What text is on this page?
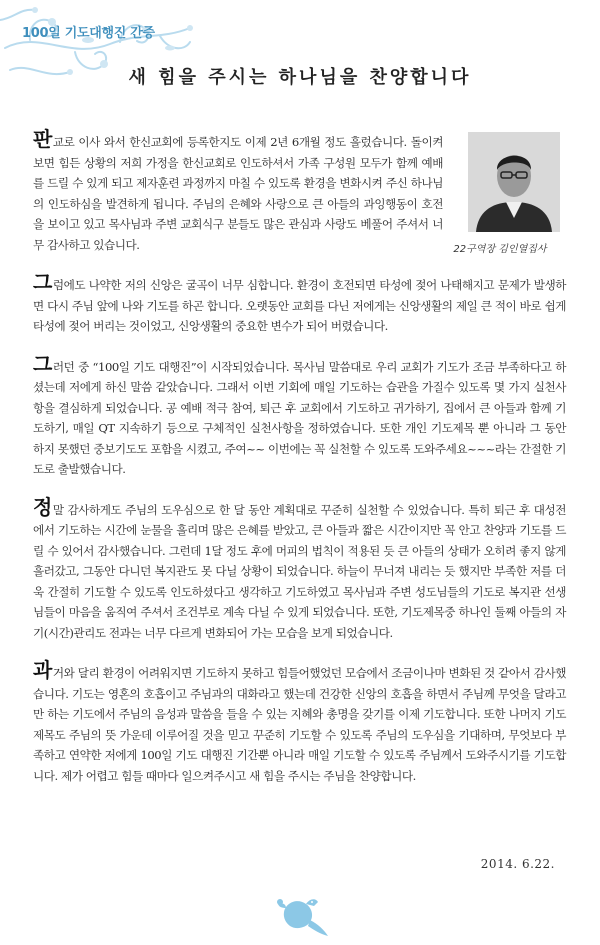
100일 기도대행진 간증
새 힘을 주시는 하나님을 찬양합니다
22구역장 김인열집사

판교로 이사 와서 한신교회에 등록한지도 이제 2년 6개월 정도 흘렀습니다. 돌이켜 보면 힘든 상황의 저희 가정을 한신교회로 인도하셔서 가족 구성원 모두가 함께 예배를 드릴 수 있게 되고 제자훈련 과정까지 마칠 수 있도록 환경을 변화시켜 주신 하나님의 인도하심을 발견하게 됩니다. 주님의 은혜와 사랑으로 큰 아들의 과잉행동이 호전을 보이고 있고 목사님과 주변 교회식구 분들도 많은 관심과 사랑도 베풀어 주셔서 너무 감사하고 있습니다.

그럼에도 나약한 저의 신앙은 굴곡이 너무 심합니다. 환경이 호전되면 타성에 젖어 나태해지고 문제가 발생하면 다시 주님 앞에 나와 기도를 하곤 합니다. 오랫동안 교회를 다닌 저에게는 신앙생활의 제일 큰 적이 바로 쉽게 타성에 젖어 버리는 것이었고, 신앙생활의 중요한 변수가 되어 버렸습니다.

그러던 중 “100일 기도 대행진”이 시작되었습니다. 목사님 말씀대로 우리 교회가 기도가 조금 부족하다고 하셨는데 저에게 하신 말씀 같았습니다. 그래서 이번 기회에 매일 기도하는 습관을 가질수 있도록 몇 가지 실천사항을 결심하게 되었습니다. 공 예배 적극 참여, 퇴근 후 교회에서 기도하고 귀가하기, 집에서 큰 아들과 함께 기도하기, 매일 QT 지속하기 등으로 구체적인 실천사항을 정하였습니다. 또한 개인 기도제목 뿐 아니라 그 동안 하지 못했던 중보기도도 포함을 시켰고, 주여~~ 이번에는 꼭 실천할 수 있도록 도와주세요~~~라는 간절한 기도로 출발했습니다.

정말 감사하게도 주님의 도우심으로 한 달 동안 계획대로 꾸준히 실천할 수 있었습니다. 특히 퇴근 후 대성전에서 기도하는 시간에 눈물을 흘리며 많은 은혜를 받았고, 큰 아들과 짧은 시간이지만 꼭 안고 찬양과 기도를 드릴 수 있어서 감사했습니다. 그런데 1달 정도 후에 머피의 법칙이 적용된 듯 큰 아들의 상태가 오히려 좋지 않게 흘러갔고, 그동안 다니던 복지관도 못 다닐 상황이 되었습니다. 하늘이 무너져 내리는 듯 했지만 부족한 저를 더욱 간절히 기도할 수 있도록 인도하셨다고 생각하고 기도하였고 목사님과 주변 성도님들의 기도로 복지관 선생님들이 마음을 움직여 주셔서 조건부로 계속 다닐 수 있게 되었습니다. 또한, 기도제목중 하나인 둘째 아들의 자기(시간)관리도 전과는 너무 다르게 변화되어 가는 모습을 보게 되었습니다.

과거와 달리 환경이 어려워지면 기도하지 못하고 힘들어했었던 모습에서 조금이나마 변화된 것 같아서 감사했습니다. 기도는 영혼의 호흡이고 주님과의 대화라고 했는데 건강한 신앙의 호흡을 하면서 주님께 무엇을 달라고만 하는 기도에서 주님의 음성과 말씀을 들을 수 있는 지혜와 총명을 갖기를 이제 기도합니다. 또한 나머지 기도제목도 주님의 뜻 가운데 이루어질 것을 믿고 꾸준히 기도할 수 있도록 주님의 도우심을 기대하며, 무엇보다 부족하고 연약한 저에게 100일 기도 대행진 기간뿐 아니라 매일 기도할 수 있도록 주님께서 도와주시기를 기도합니다. 제가 어렵고 힘들 때마다 일으켜주시고 새 힘을 주시는 주님을 찬양합니다.

2014. 6.22.
